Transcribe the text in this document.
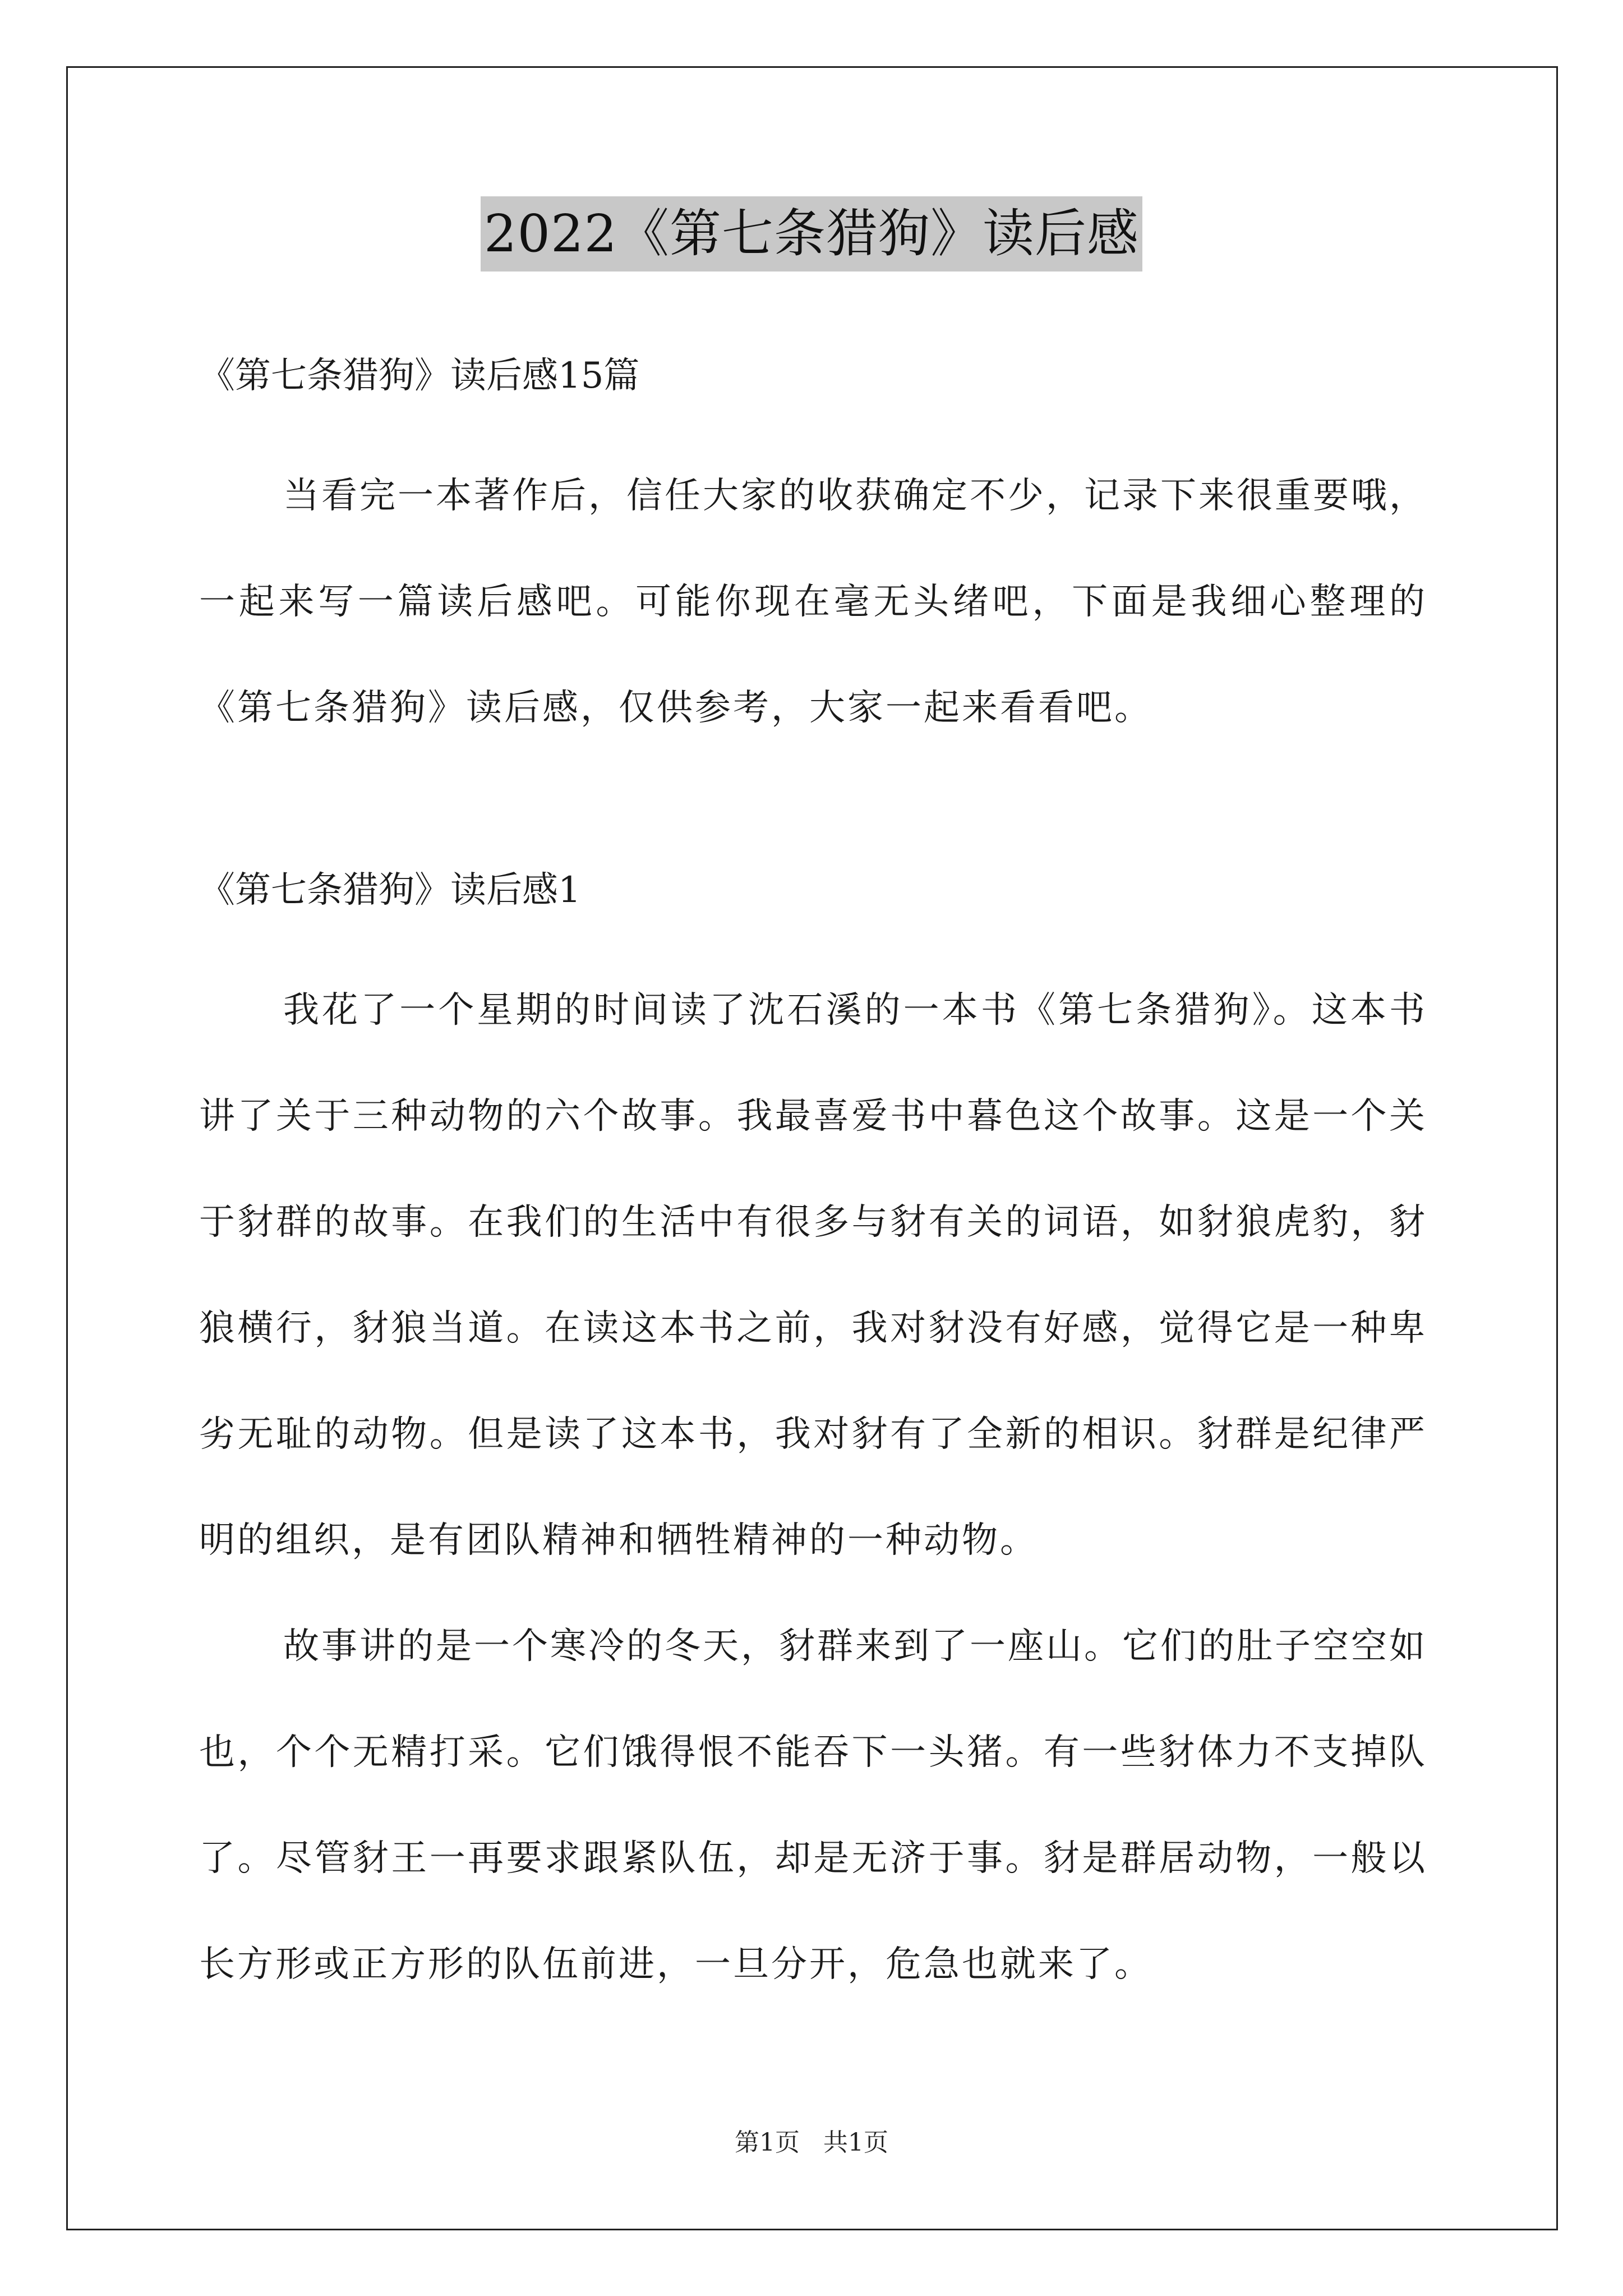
2022《第七条猎狗》读后感

《第七条猎狗》读后感15篇

当看完一本著作后，信任大家的收获确定不少，记录下来很重要哦，一起来写一篇读后感吧。可能你现在毫无头绪吧，下面是我细心整理的《第七条猎狗》读后感，仅供参考，大家一起来看看吧。

《第七条猎狗》读后感1

我花了一个星期的时间读了沈石溪的一本书《第七条猎狗》。这本书讲了关于三种动物的六个故事。我最喜爱书中暮色这个故事。这是一个关于豺群的故事。在我们的生活中有很多与豺有关的词语，如豺狼虎豹，豺狼横行，豺狼当道。在读这本书之前，我对豺没有好感，觉得它是一种卑劣无耻的动物。但是读了这本书，我对豺有了全新的相识。豺群是纪律严明的组织，是有团队精神和牺牲精神的一种动物。

故事讲的是一个寒冷的冬天，豺群来到了一座山。它们的肚子空空如也，个个无精打采。它们饿得恨不能吞下一头猪。有一些豺体力不支掉队了。尽管豺王一再要求跟紧队伍，却是无济于事。豺是群居动物，一般以长方形或正方形的队伍前进，一旦分开，危急也就来了。

第1页 共1页
